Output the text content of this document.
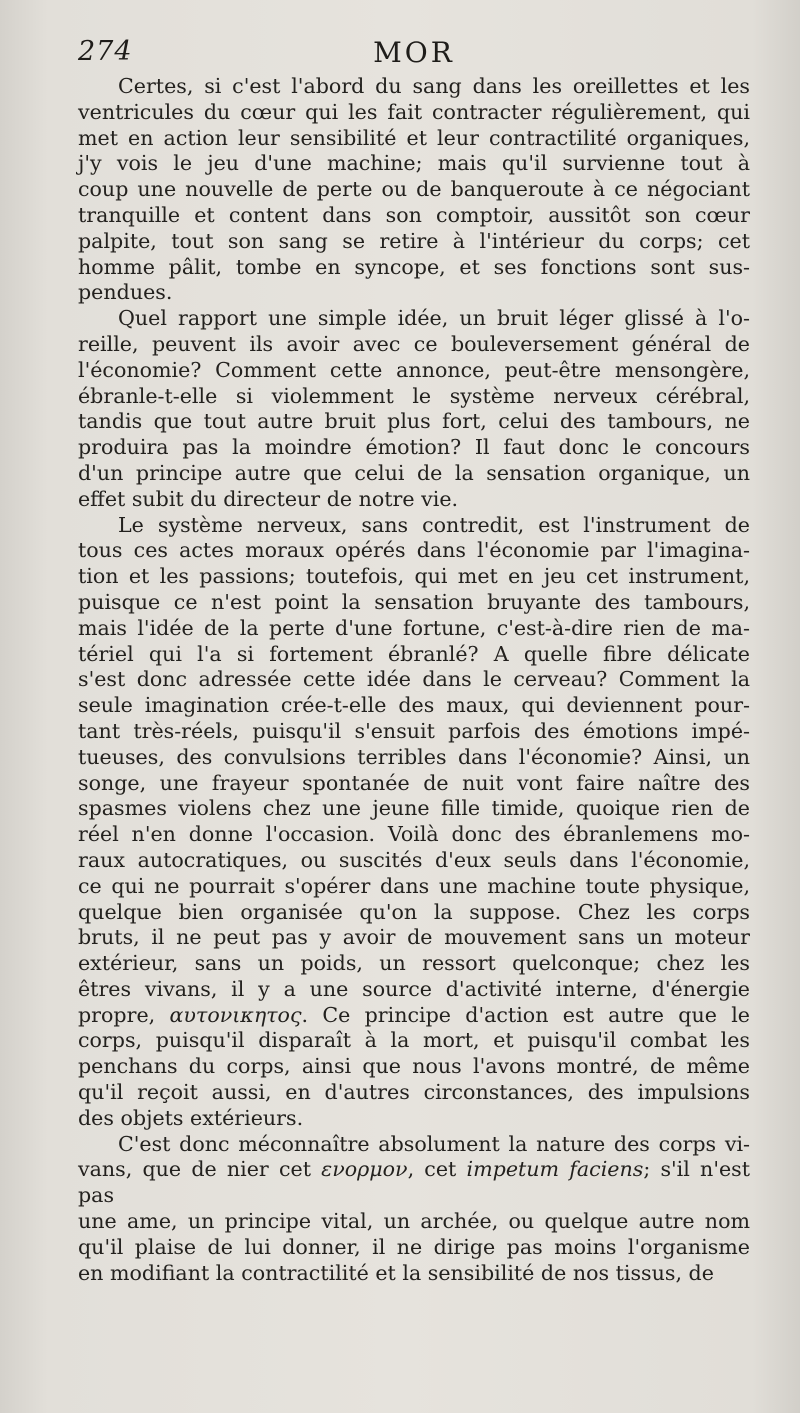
274	MOR

Certes, si c'est l'abord du sang dans les oreillettes et les
ventricules du cœur qui les fait contracter régulièrement, qui
met en action leur sensibilité et leur contractilité organiques,
j'y vois le jeu d'une machine; mais qu'il survienne tout à
coup une nouvelle de perte ou de banqueroute à ce négociant
tranquille et content dans son comptoir, aussitôt son cœur
palpite, tout son sang se retire à l'intérieur du corps; cet
homme pâlit, tombe en syncope, et ses fonctions sont sus-
pendues.

Quel rapport une simple idée, un bruit léger glissé à l'o-
reille, peuvent ils avoir avec ce bouleversement général de
l'économie? Comment cette annonce, peut-être mensongère,
ébranle-t-elle si violemment le système nerveux cérébral,
tandis que tout autre bruit plus fort, celui des tambours, ne
produira pas la moindre émotion? Il faut donc le concours
d'un principe autre que celui de la sensation organique, un
effet subit du directeur de notre vie.

Le système nerveux, sans contredit, est l'instrument de
tous ces actes moraux opérés dans l'économie par l'imagina-
tion et les passions; toutefois, qui met en jeu cet instrument,
puisque ce n'est point la sensation bruyante des tambours,
mais l'idée de la perte d'une fortune, c'est-à-dire rien de ma-
tériel qui l'a si fortement ébranlé? A quelle fibre délicate
s'est donc adressée cette idée dans le cerveau? Comment la
seule imagination crée-t-elle des maux, qui deviennent pour-
tant très-réels, puisqu'il s'ensuit parfois des émotions impé-
tueuses, des convulsions terribles dans l'économie? Ainsi, un
songe, une frayeur spontanée de nuit vont faire naître des
spasmes violens chez une jeune fille timide, quoique rien de
réel n'en donne l'occasion. Voilà donc des ébranlemens mo-
raux autocratiques, ou suscités d'eux seuls dans l'économie,
ce qui ne pourrait s'opérer dans une machine toute physique,
quelque bien organisée qu'on la suppose. Chez les corps
bruts, il ne peut pas y avoir de mouvement sans un moteur
extérieur, sans un poids, un ressort quelconque; chez les
êtres vivans, il y a une source d'activité interne, d'énergie
propre, αυτονικητος. Ce principe d'action est autre que le
corps, puisqu'il disparaît à la mort, et puisqu'il combat les
penchans du corps, ainsi que nous l'avons montré, de même
qu'il reçoit aussi, en d'autres circonstances, des impulsions
des objets extérieurs.

C'est donc méconnaître absolument la nature des corps vi-
vans, que de nier cet ενορμον, cet impetum faciens; s'il n'est pas
une ame, un principe vital, un archée, ou quelque autre nom
qu'il plaise de lui donner, il ne dirige pas moins l'organisme
en modifiant la contractilité et la sensibilité de nos tissus, de
